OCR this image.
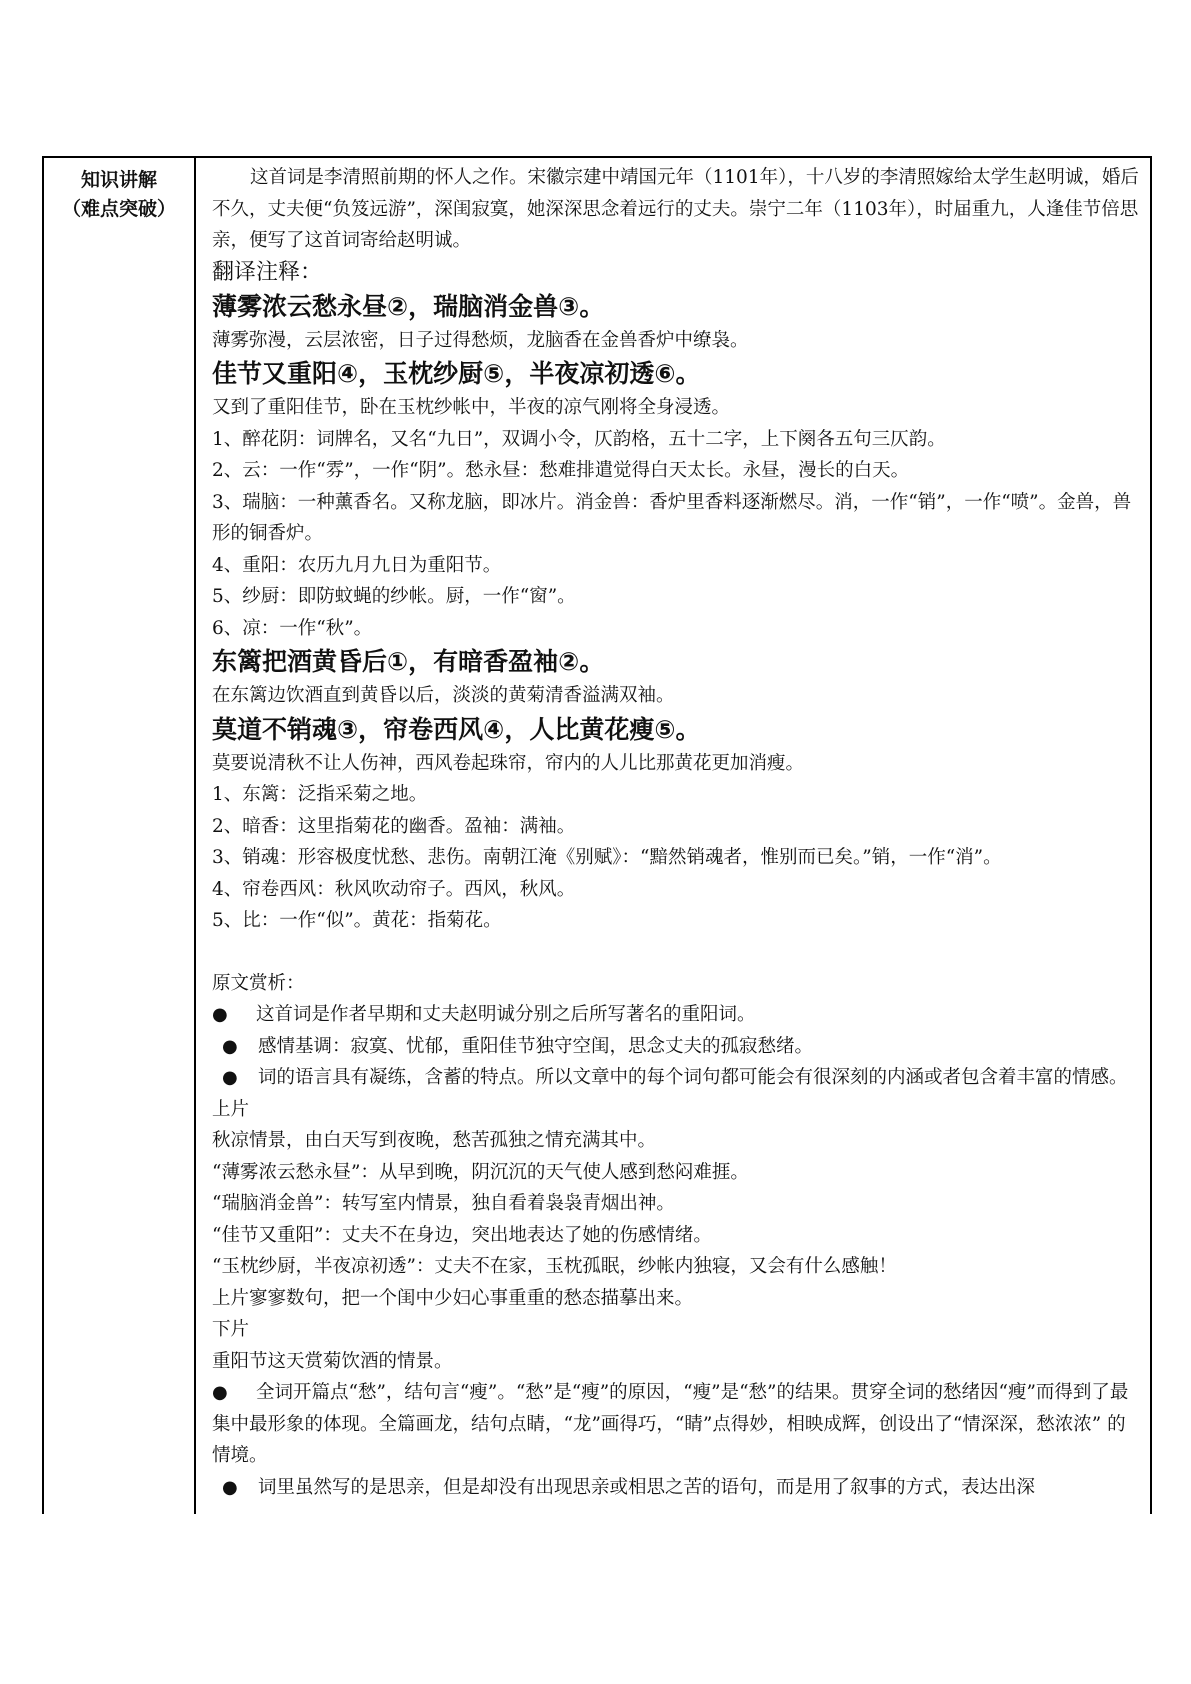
知识讲解
（难点突破）

这首词是李清照前期的怀人之作。宋徽宗建中靖国元年（1101年），十八岁的李清照嫁给太学生赵明诚，婚后不久，丈夫便“负笈远游”，深闺寂寞，她深深思念着远行的丈夫。崇宁二年（1103年），时届重九，人逢佳节倍思亲，便写了这首词寄给赵明诚。

翻译注释：

薄雾浓云愁永昼②，瑞脑消金兽③。

薄雾弥漫，云层浓密，日子过得愁烦，龙脑香在金兽香炉中缭袅。

佳节又重阳④，玉枕纱厨⑤，半夜凉初透⑥。

又到了重阳佳节，卧在玉枕纱帐中，半夜的凉气刚将全身浸透。

1、醉花阴：词牌名，又名“九日”，双调小令，仄韵格，五十二字，上下阕各五句三仄韵。

2、云：一作“雰”，一作“阴”。愁永昼：愁难排遣觉得白天太长。永昼，漫长的白天。

3、瑞脑：一种薰香名。又称龙脑，即冰片。消金兽：香炉里香料逐渐燃尽。消，一作“销”，一作“喷”。金兽，兽形的铜香炉。

4、重阳：农历九月九日为重阳节。

5、纱厨：即防蚊蝇的纱帐。厨，一作“窗”。

6、凉：一作“秋”。

东篱把酒黄昏后①，有暗香盈袖②。

在东篱边饮酒直到黄昏以后，淡淡的黄菊清香溢满双袖。

莫道不销魂③，帘卷西风④，人比黄花瘦⑤。

莫要说清秋不让人伤神，西风卷起珠帘，帘内的人儿比那黄花更加消瘦。

1、东篱：泛指采菊之地。

2、暗香：这里指菊花的幽香。盈袖：满袖。

3、销魂：形容极度忧愁、悲伤。南朝江淹《别赋》：“黯然销魂者，惟别而已矣。”销，一作“消”。

4、帘卷西风：秋风吹动帘子。西风，秋风。

5、比：一作“似”。黄花：指菊花。

原文赏析：

● 这首词是作者早期和丈夫赵明诚分别之后所写著名的重阳词。

● 感情基调：寂寞、忧郁，重阳佳节独守空闺，思念丈夫的孤寂愁绪。

● 词的语言具有凝练，含蓄的特点。所以文章中的每个词句都可能会有很深刻的内涵或者包含着丰富的情感。

上片

秋凉情景，由白天写到夜晚，愁苦孤独之情充满其中。

“薄雾浓云愁永昼”：从早到晚，阴沉沉的天气使人感到愁闷难捱。

“瑞脑消金兽”：转写室内情景，独自看着袅袅青烟出神。

“佳节又重阳”：丈夫不在身边，突出地表达了她的伤感情绪。

“玉枕纱厨，半夜凉初透”：丈夫不在家，玉枕孤眠，纱帐内独寝，又会有什么感触！

上片寥寥数句，把一个闺中少妇心事重重的愁态描摹出来。

下片

重阳节这天赏菊饮酒的情景。

● 全词开篇点“愁”，结句言“瘦”。“愁”是“瘦”的原因，“瘦”是“愁”的结果。贯穿全词的愁绪因“瘦”而得到了最集中最形象的体现。全篇画龙，结句点睛，“龙”画得巧，“睛”点得妙，相映成辉，创设出了“情深深，愁浓浓” 的情境。

● 词里虽然写的是思亲，但是却没有出现思亲或相思之苦的语句，而是用了叙事的方式，表达出深
